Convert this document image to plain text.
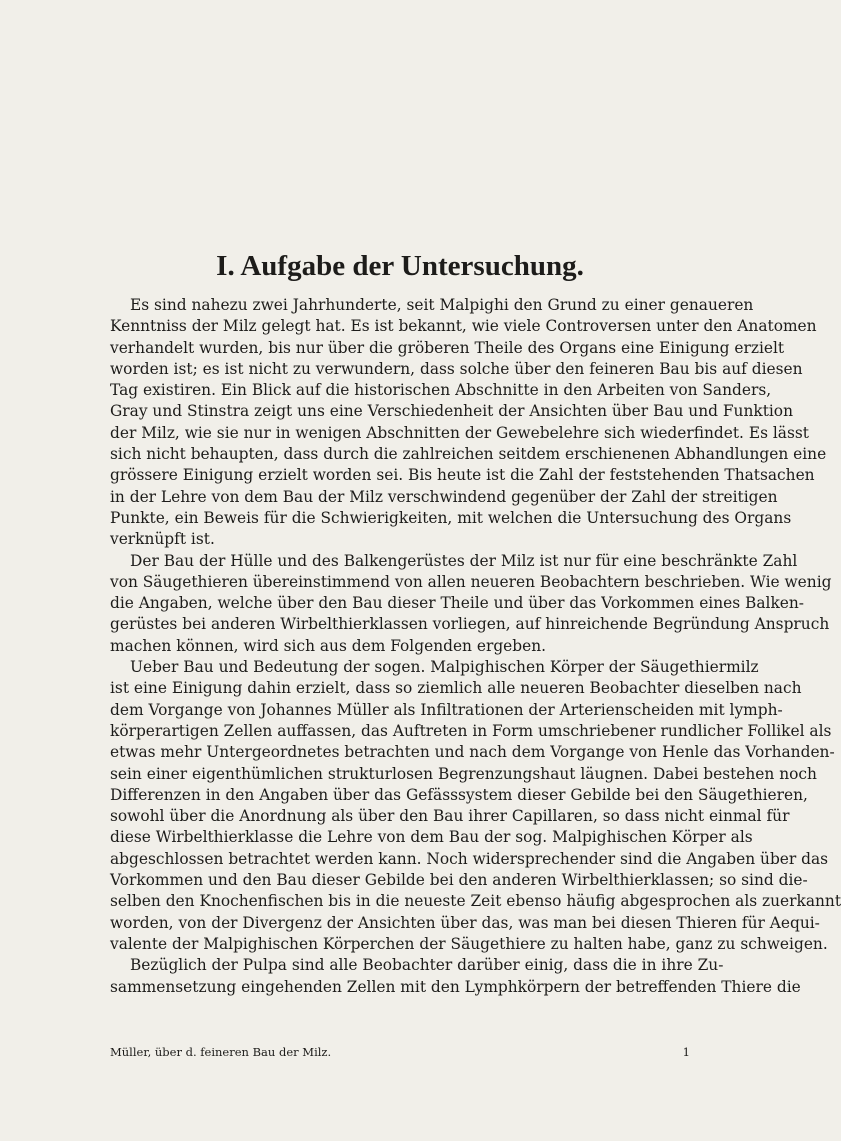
I. Aufgabe der Untersuchung.
Es sind nahezu zwei Jahrhunderte, seit Malpighi den Grund zu einer genaueren
Kenntniss der Milz gelegt hat. Es ist bekannt, wie viele Controversen unter den Anatomen
verhandelt wurden, bis nur über die gröberen Theile des Organs eine Einigung erzielt
worden ist; es ist nicht zu verwundern, dass solche über den feineren Bau bis auf diesen
Tag existiren. Ein Blick auf die historischen Abschnitte in den Arbeiten von Sanders,
Gray und Stinstra zeigt uns eine Verschiedenheit der Ansichten über Bau und Funktion
der Milz, wie sie nur in wenigen Abschnitten der Gewebelehre sich wiederfindet. Es lässt
sich nicht behaupten, dass durch die zahlreichen seitdem erschienenen Abhandlungen eine
grössere Einigung erzielt worden sei. Bis heute ist die Zahl der feststehenden Thatsachen
in der Lehre von dem Bau der Milz verschwindend gegenüber der Zahl der streitigen
Punkte, ein Beweis für die Schwierigkeiten, mit welchen die Untersuchung des Organs
verknüpft ist.
Der Bau der Hülle und des Balkengerüstes der Milz ist nur für eine beschränkte Zahl
von Säugethieren übereinstimmend von allen neueren Beobachtern beschrieben. Wie wenig
die Angaben, welche über den Bau dieser Theile und über das Vorkommen eines Balken-
gerüstes bei anderen Wirbelthierklassen vorliegen, auf hinreichende Begründung Anspruch
machen können, wird sich aus dem Folgenden ergeben.
Ueber Bau und Bedeutung der sogen. Malpighischen Körper der Säugethiermilz
ist eine Einigung dahin erzielt, dass so ziemlich alle neueren Beobachter dieselben nach
dem Vorgange von Johannes Müller als Infiltrationen der Arterienscheiden mit lymph-
körperartigen Zellen auffassen, das Auftreten in Form umschriebener rundlicher Follikel als
etwas mehr Untergeordnetes betrachten und nach dem Vorgange von Henle das Vorhanden-
sein einer eigenthümlichen strukturlosen Begrenzungshaut läugnen. Dabei bestehen noch
Differenzen in den Angaben über das Gefässsystem dieser Gebilde bei den Säugethieren,
sowohl über die Anordnung als über den Bau ihrer Capillaren, so dass nicht einmal für
diese Wirbelthierklasse die Lehre von dem Bau der sog. Malpighischen Körper als
abgeschlossen betrachtet werden kann. Noch widersprechender sind die Angaben über das
Vorkommen und den Bau dieser Gebilde bei den anderen Wirbelthierklassen; so sind die-
selben den Knochenfischen bis in die neueste Zeit ebenso häufig abgesprochen als zuerkannt
worden, von der Divergenz der Ansichten über das, was man bei diesen Thieren für Aequi-
valente der Malpighischen Körperchen der Säugethiere zu halten habe, ganz zu schweigen.
Bezüglich der Pulpa sind alle Beobachter darüber einig, dass die in ihre Zu-
sammensetzung eingehenden Zellen mit den Lymphkörpern der betreffenden Thiere die
Müller, über d. feineren Bau der Milz.	1
